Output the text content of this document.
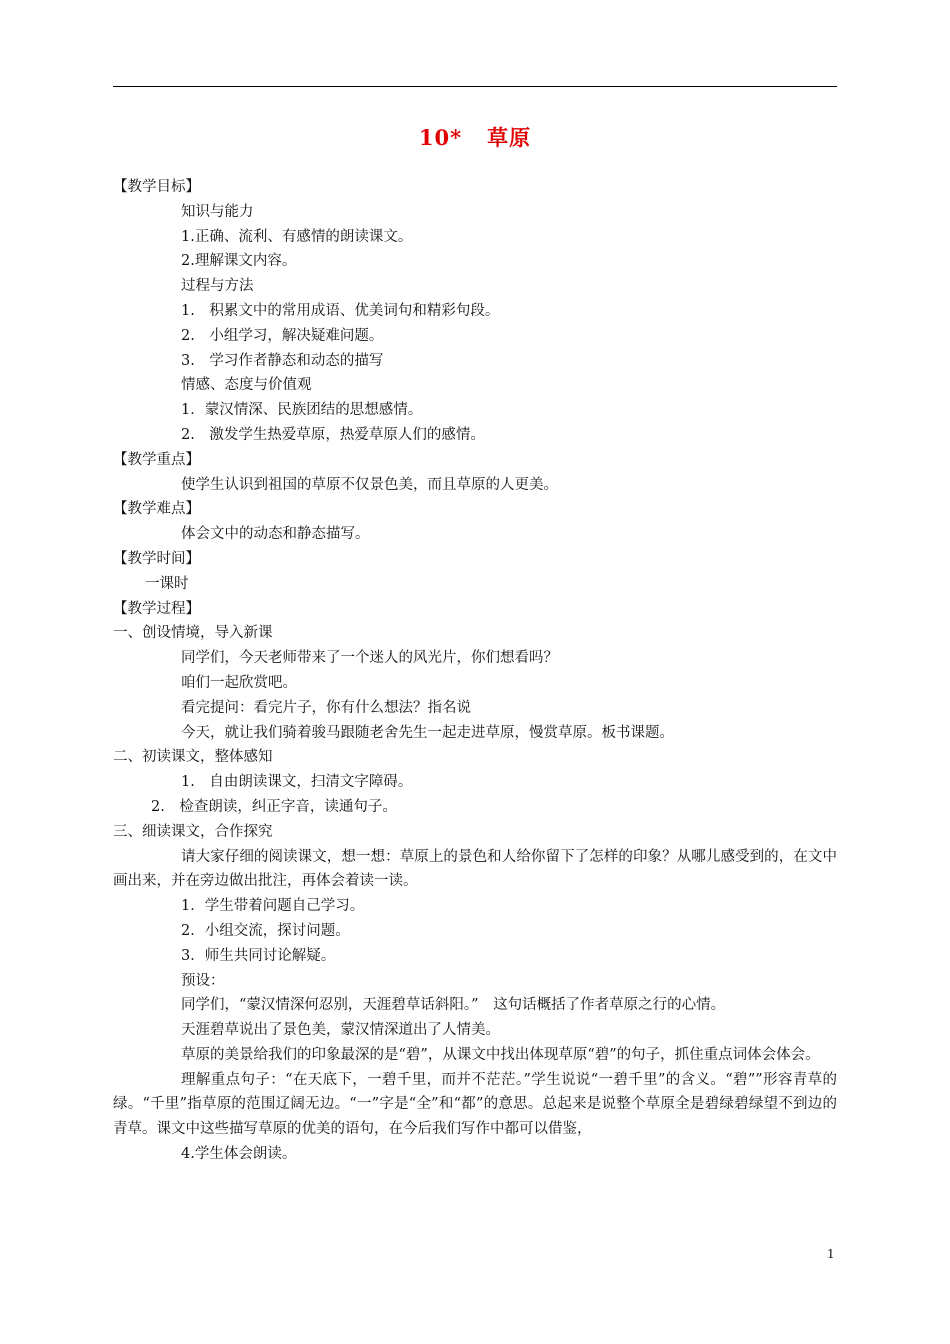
10* 草原
【教学目标】
知识与能力
1.正确、流利、有感情的朗读课文。
2.理解课文内容。
过程与方法
1.　积累文中的常用成语、优美词句和精彩句段。
2.　小组学习，解决疑难问题。
3.　学习作者静态和动态的描写
情感、态度与价值观
1．蒙汉情深、民族团结的思想感情。
2.　激发学生热爱草原，热爱草原人们的感情。
【教学重点】
使学生认识到祖国的草原不仅景色美，而且草原的人更美。
【教学难点】
体会文中的动态和静态描写。
【教学时间】
一课时
【教学过程】
一、创设情境，导入新课
同学们，今天老师带来了一个迷人的风光片，你们想看吗？
咱们一起欣赏吧。
看完提问：看完片子，你有什么想法？指名说
今天，就让我们骑着骏马跟随老舍先生一起走进草原，慢赏草原。板书课题。
二、初读课文，整体感知
1.　自由朗读课文，扫清文字障碍。
2.　检查朗读，纠正字音，读通句子。
三、细读课文，合作探究
请大家仔细的阅读课文，想一想：草原上的景色和人给你留下了怎样的印象？从哪儿感受到的，在文中画出来，并在旁边做出批注，再体会着读一读。
1．学生带着问题自己学习。
2．小组交流，探讨问题。
3．师生共同讨论解疑。
预设：
同学们，“蒙汉情深何忍别，天涯碧草话斜阳。”　这句话概括了作者草原之行的心情。
天涯碧草说出了景色美，蒙汉情深道出了人情美。
草原的美景给我们的印象最深的是“碧”，从课文中找出体现草原“碧”的句子，抓住重点词体会体会。
理解重点句子：“在天底下，一碧千里，而并不茫茫。”学生说说“一碧千里”的含义。“碧””形容青草的绿。“千里”指草原的范围辽阔无边。“一”字是“全”和“都”的意思。总起来是说整个草原全是碧绿碧绿望不到边的青草。课文中这些描写草原的优美的语句，在今后我们写作中都可以借鉴，
4.学生体会朗读。
1
